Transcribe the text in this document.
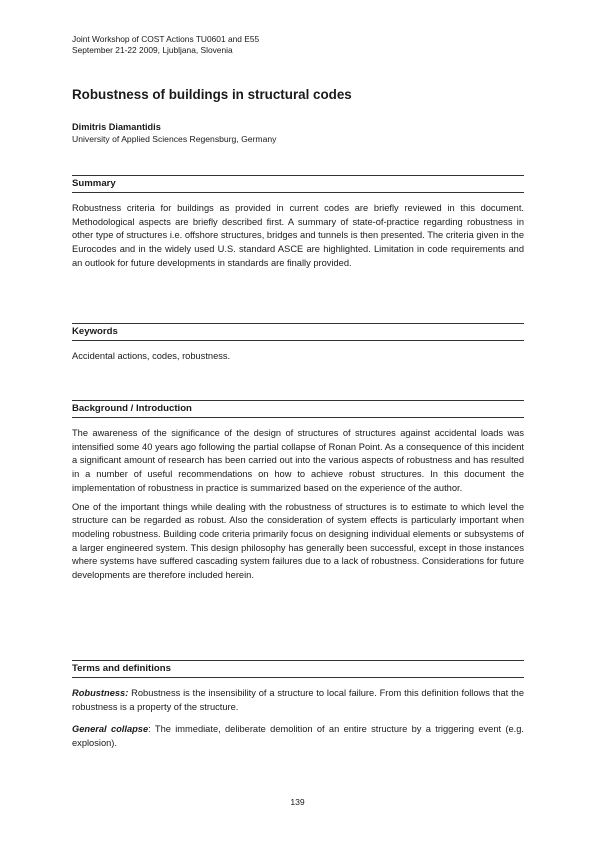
Joint Workshop of COST Actions TU0601 and E55
September 21-22 2009, Ljubljana, Slovenia
Robustness of buildings in structural codes
Dimitris Diamantidis
University of Applied Sciences Regensburg, Germany
Summary

Robustness criteria for buildings as provided in current codes are briefly reviewed in this document. Methodological aspects are briefly described first. A summary of state-of-practice regarding robustness in other type of structures i.e. offshore structures, bridges and tunnels is then presented. The criteria given in the Eurocodes and in the widely used U.S. standard ASCE are highlighted. Limitation in code requirements and an outlook for future developments in standards are finally provided.

Keywords

Accidental actions, codes, robustness.

Background / Introduction

The awareness of the significance of the design of structures of structures against accidental loads was intensified some 40 years ago following the partial collapse of Ronan Point. As a consequence of this incident a significant amount of research has been carried out into the various aspects of robustness and has resulted in a number of useful recommendations on how to achieve robust structures. In this document the implementation of robustness in practice is summarized based on the experience of the author.

One of the important things while dealing with the robustness of structures is to estimate to which level the structure can be regarded as robust. Also the consideration of system effects is particularly important when modeling robustness. Building code criteria primarily focus on designing individual elements or subsystems of a larger engineered system. This design philosophy has generally been successful, except in those instances where systems have suffered cascading system failures due to a lack of robustness. Considerations for future developments are therefore included herein.

Terms and definitions

Robustness: Robustness is the insensibility of a structure to local failure. From this definition follows that the robustness is a property of the structure.

General collapse: The immediate, deliberate demolition of an entire structure by a triggering event (e.g. explosion).

139
